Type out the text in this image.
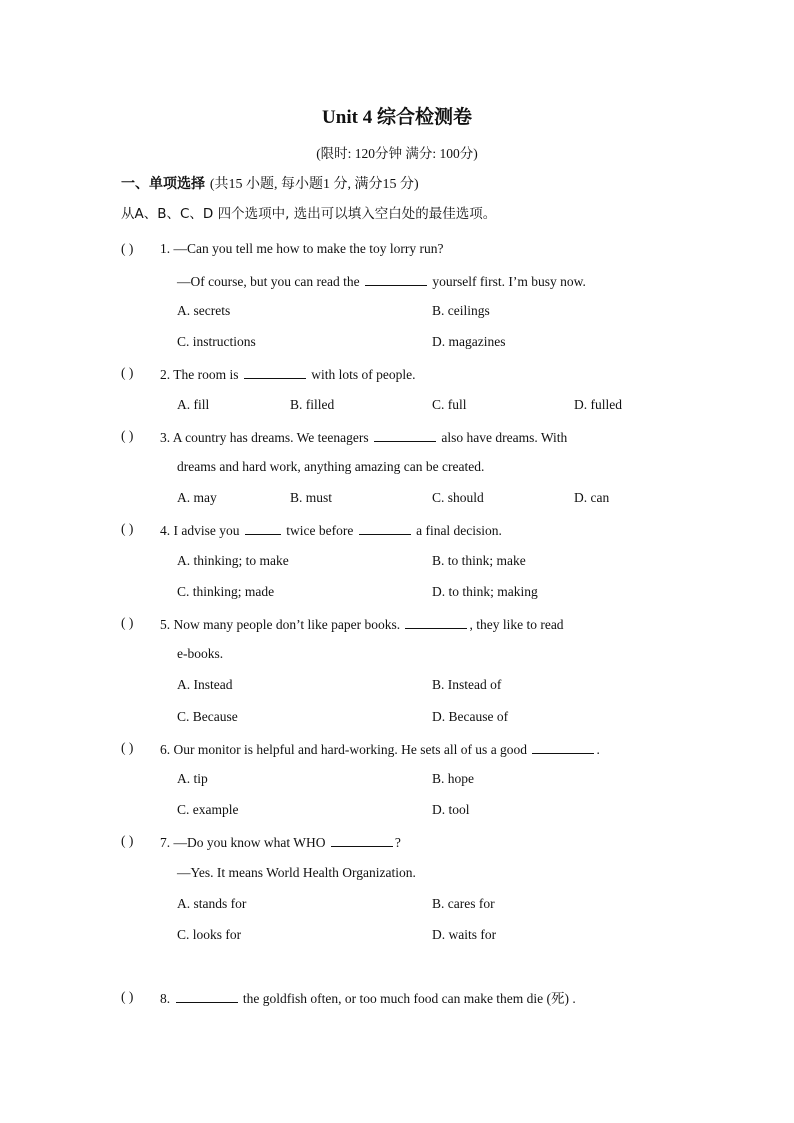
Unit 4 综合检测卷
(限时: 120分钟 满分: 100分)
一、单项选择 (共15 小题, 每小题1 分, 满分15 分)
从A、B、C、D 四个选项中, 选出可以填入空白处的最佳选项。
( ) 1. —Can you tell me how to make the toy lorry run?
—Of course, but you can read the	yourself first. I’m busy now.
A. secrets	B. ceilings
C. instructions	D. magazines
( ) 2. The room is	with lots of people.
A. fill	B. filled	C. full	D. fulled
( ) 3. A country has dreams. We teenagers	also have dreams. With
dreams and hard work, anything amazing can be created.
A. may	B. must	C. should	D. can
( ) 4. I advise you	twice before	a final decision.
A. thinking; to make	B. to think; make
C. thinking; made	D. to think; making
( ) 5. Now many people don’t like paper books.	, they like to read
e-books.
A. Instead	B. Instead of
C. Because	D. Because of
( ) 6. Our monitor is helpful and hard-working. He sets all of us a good	.
A. tip	B. hope
C. example	D. tool
( ) 7. —Do you know what WHO	?
—Yes. It means World Health Organization.
A. stands for	B. cares for
C. looks for	D. waits for
( ) 8.	the goldfish often, or too much food can make them die (死) .
